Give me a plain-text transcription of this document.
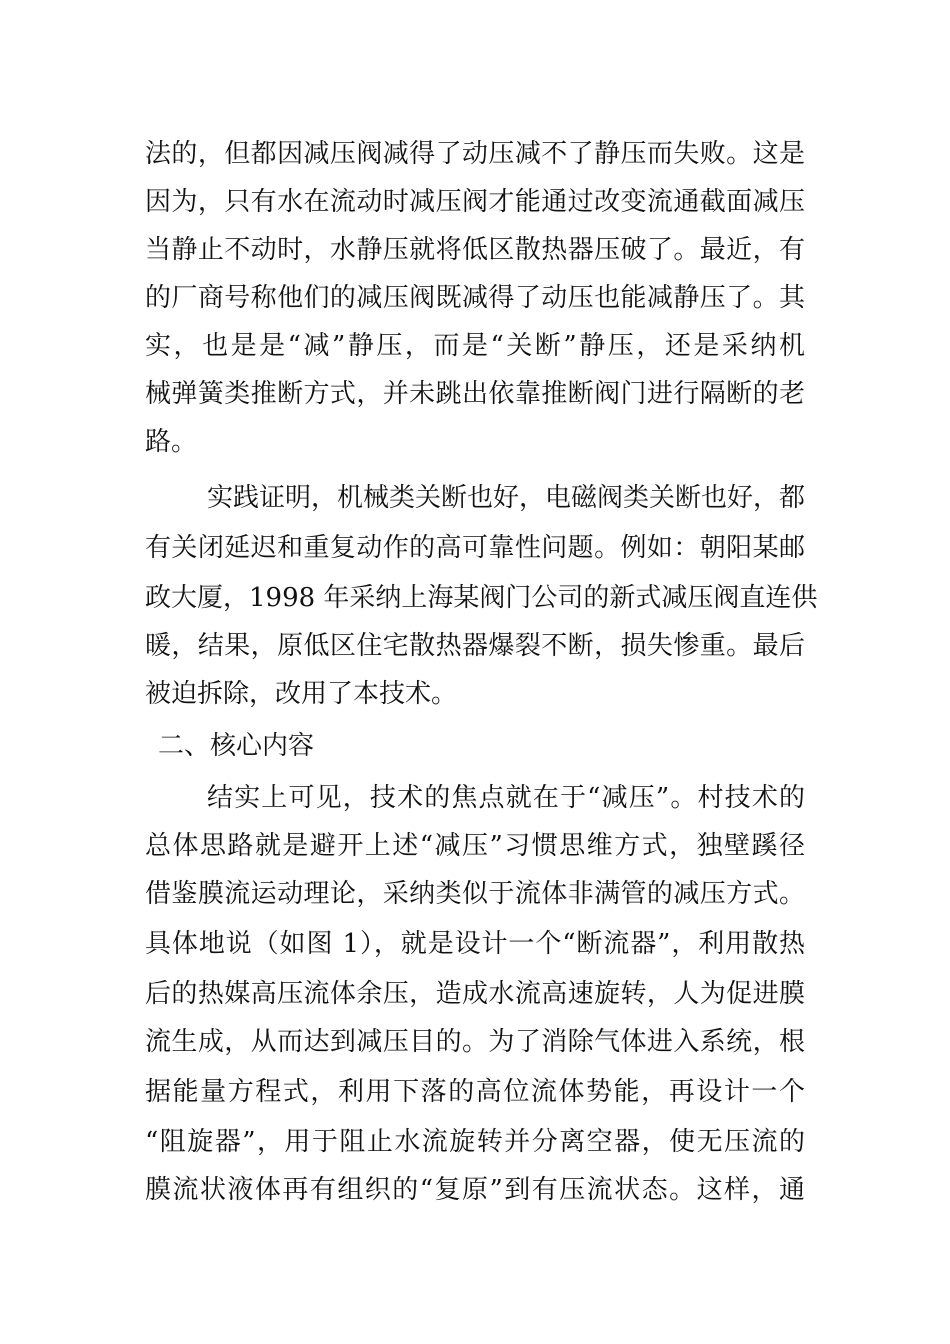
法的，但都因减压阀减得了动压减不了静压而失败。这是
因为，只有水在流动时减压阀才能通过改变流通截面减压
当静止不动时，水静压就将低区散热器压破了。最近，有
的厂商号称他们的减压阀既减得了动压也能减静压了。其
实，也是是“减”静压，而是“关断”静压，还是采纳机
械弹簧类推断方式，并未跳出依靠推断阀门进行隔断的老
路。
实践证明，机械类关断也好，电磁阀类关断也好，都
有关闭延迟和重复动作的高可靠性问题。例如：朝阳某邮
政大厦，1998 年采纳上海某阀门公司的新式减压阀直连供
暖，结果，原低区住宅散热器爆裂不断，损失惨重。最后
被迫拆除，改用了本技术。
二、核心内容
结实上可见，技术的焦点就在于“减压”。村技术的
总体思路就是避开上述“减压”习惯思维方式，独壁蹊径
借鉴膜流运动理论，采纳类似于流体非满管的减压方式。
具体地说（如图 1），就是设计一个“断流器”，利用散热
后的热媒高压流体余压，造成水流高速旋转，人为促进膜
流生成，从而达到减压目的。为了消除气体进入系统，根
据能量方程式，利用下落的高位流体势能，再设计一个
“阻旋器”，用于阻止水流旋转并分离空器，使无压流的
膜流状液体再有组织的“复原”到有压流状态。这样，通
